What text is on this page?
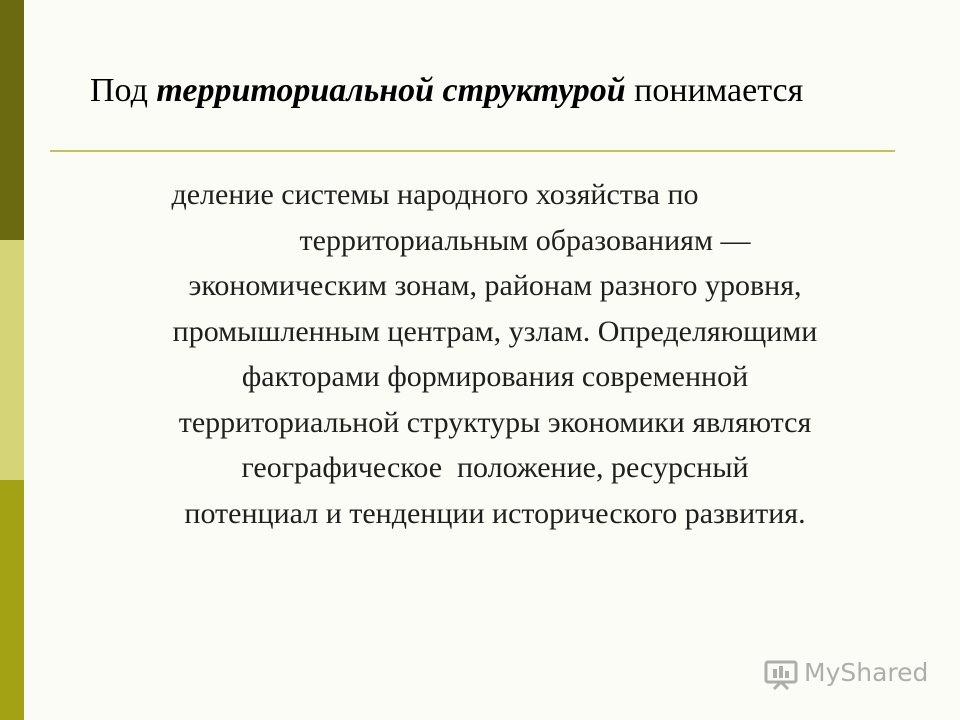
Под территориальной структурой понимается
деление системы народного хозяйства по
территориальным образованиям —
экономическим зонам, районам разного уровня,
промышленным центрам, узлам. Определяющими
факторами формирования современной
территориальной структуры экономики являются
географическое  положение, ресурсный
потенциал и тенденции исторического развития.
MyShared
